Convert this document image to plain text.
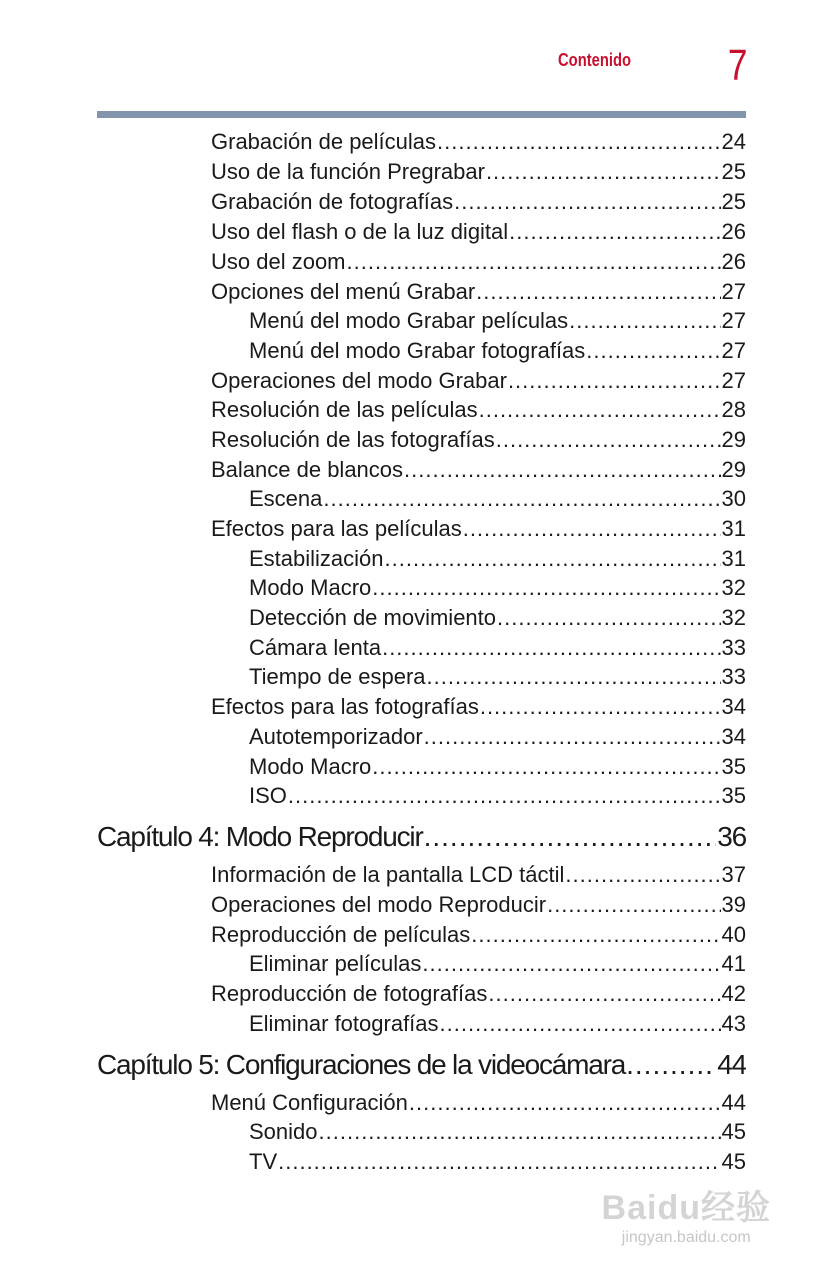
Contenido 7
Grabación de películas .....	24
Uso de la función Pregrabar .....	25
Grabación de fotografías .....	25
Uso del flash o de la luz digital .....	26
Uso del zoom .....	26
Opciones del menú Grabar .....	27
Menú del modo Grabar películas .....	27
Menú del modo Grabar fotografías .....	27
Operaciones del modo Grabar .....	27
Resolución de las películas .....	28
Resolución de las fotografías .....	29
Balance de blancos .....	29
Escena .....	30
Efectos para las películas .....	31
Estabilización .....	31
Modo Macro .....	32
Detección de movimiento .....	32
Cámara lenta .....	33
Tiempo de espera .....	33
Efectos para las fotografías .....	34
Autotemporizador .....	34
Modo Macro .....	35
ISO .....	35
Capítulo 4: Modo Reproducir .....	36
Información de la pantalla LCD táctil .....	37
Operaciones del modo Reproducir .....	39
Reproducción de películas .....	40
Eliminar películas .....	41
Reproducción de fotografías .....	42
Eliminar fotografías .....	43
Capítulo 5: Configuraciones de la videocámara .....	44
Menú Configuración .....	44
Sonido .....	45
TV .....	45
Baidu经验
jingyan.baidu.com
